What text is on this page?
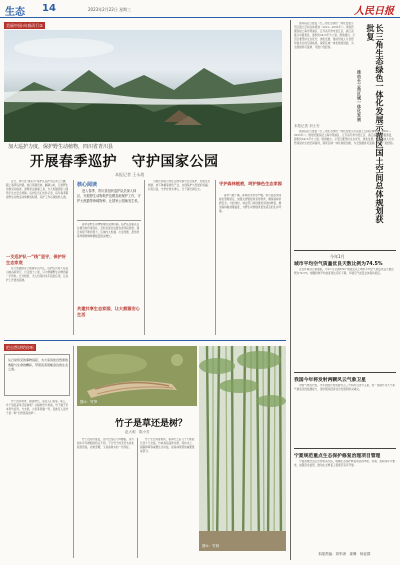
生态 14	2023年2月22日 星期三	人民日报
美丽中国·向春而行②
加大巡护力度，保护野生动植物，四川省青川县
开展春季巡护　守护国家公园
本报记者 王永战
近日，青川县“唐家河”保护区巡护员们背上行囊，踏上春季巡护路。他们穿越密林、翻越山岭，记录野生动物活动痕迹，清理非法猎捕工具，为大熊猫国家公园筑牢生态安全屏障。巡护队员们告诉记者，每年春季都是野生动物活动频繁的时期，巡护工作必须细致入微。
一支巡护队一“线”坚守，保护好生态家底
在大熊猫国家公园唐家河片区，巡护队员每天在高山峡谷间穿行，行走数十公里，只为掌握野生动物的第一手资料。红外相机、无人机等技术手段的应用，让巡护工作更加高效。
核心阅读
进入春季，青川县组织巡护队员深入林区，开展野生动物救护及栖息地保护工作，守护大熊猫等珍稀物种，让国家公园焕发生机。
春季是野生动物繁殖的关键时期。巡护队员重点关注栖息地环境变化，及时发现并处置各类风险隐患。通过持续不断的努力，区域内大熊猫、川金丝猴、扭角羚等珍稀物种种群数量稳步增长。
共建共享生态家园，让大熊猫安心生活
当地还积极引导社区群众参与生态保护，发展生态旅游、林下种植等绿色产业，实现保护与发展的双赢。村民们说，守护好绿水青山，日子越过越红火。
守护森林植被，呵护绿色生态家园
春季气候干燥，森林防火形势严峻。青川县落实网格化管理责任，加强火源管控和宣传教育，确保森林资源安全。与此同时，林业部门持续推进退化林修复，增加森林植被覆盖度，为野生动物提供更加适宜的生存环境。
把自然讲给你听
从日常所见的事物说起，为大家讲述自然界的奥秘与生命的精彩，带领读者领略身边的生态之美。
竹子四季常青，挺拔修长，深受人们喜爱。那么，竹子到底是草还是树呢？从植物学分类看，竹子属于禾本科竹亚科，与水稻、小麦等同属一科，因此有人说竹子是一种“长得很高的草”。
图①：竹笋
图②：竹林
竹子是草还是树？
赵大明　陈小芳
竹子没有形成层，茎秆长成后不再增粗，这与树木年年增粗的特点不同。不过竹子的茎秆木质化程度很高，质地坚硬，又具备树木的一些特征。
竹子生长速度极快，春笋出土后几十天就能长到十几米高。竹林具有涵养水源、保持水土、固碳释氧等重要生态功能，是森林资源的重要组成部分。
国务院近日批复《长三角生态绿色一体化发展示范区国土空间总体规划（2021—2035年）》。规划范围包括上海市青浦区、江苏省苏州市吴江区、浙江省嘉兴市嘉善县，面积约2413平方公里。规划提出，示范区要坚持生态优先、绿色发展，推动形成人与自然和谐共生的空间格局，探索区域一体化制度创新，为全国提供可复制、可推广的经验。	长三角生态绿色一体化发展示范区国土空间总体规划获批复
推动长三角区域一体化发展
本报记者 刘士安
国务院近日批复《长三角生态绿色一体化发展示范区国土空间总体规划（2021—2035年）》。规划范围包括上海市青浦区、江苏省苏州市吴江区、浙江省嘉兴市嘉善县，面积约2413平方公里。规划提出，示范区要坚持生态优先、绿色发展，推动形成人与自然和谐共生的空间格局，探索区域一体化制度创新，为全国提供可复制、可推广的经验。
今年1月
城市平均空气质量优良天数比例为74.5%
生态环境部日前通报，今年1月全国339个地级及以上城市平均空气质量优良天数比例为74.5%，细颗粒物平均浓度同比有所下降，环境空气质量总体保持稳定。
我国今年将发射两颗风云气象卫星
中国气象局介绍，今年我国计划发射风云三号和风云四号卫星，进一步提升对天气和气候变化的监测能力，更好服务经济社会发展和防灾减灾。
宁夏规范重点生态保护修复治理项目管理
宁夏回族自治区出台相关办法，明确生态保护修复项目的申报、实施、验收等环节要求，加强资金监管，推动生态修复工程规范有序开展。
本版责编：刘军涛　姜琳　杨亚群
